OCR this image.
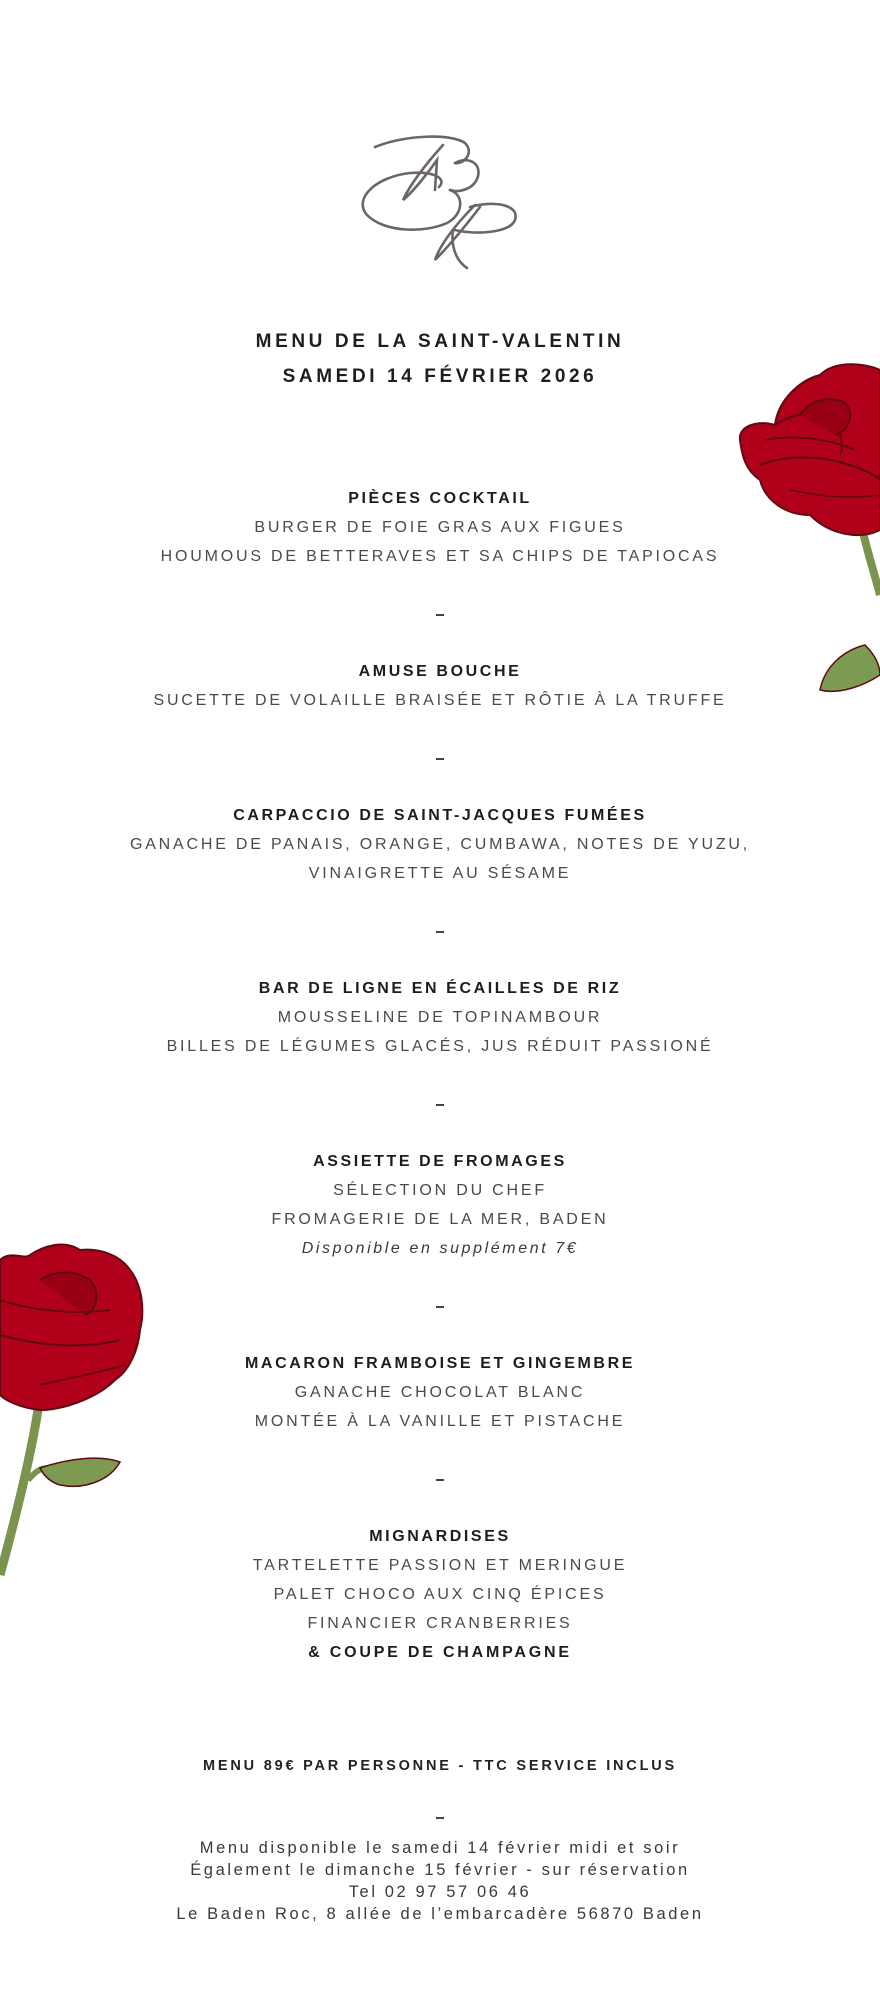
MENU DE LA SAINT-VALENTIN
SAMEDI 14 FÉVRIER 2026
PIÈCES COCKTAIL
BURGER DE FOIE GRAS AUX FIGUES
HOUMOUS DE BETTERAVES ET SA CHIPS DE TAPIOCAS
AMUSE BOUCHE
SUCETTE DE VOLAILLE BRAISÉE ET RÔTIE À LA TRUFFE
CARPACCIO DE SAINT-JACQUES FUMÉES
GANACHE DE PANAIS, ORANGE, CUMBAWA, NOTES DE YUZU,
VINAIGRETTE AU SÉSAME
BAR DE LIGNE EN ÉCAILLES DE RIZ
MOUSSELINE DE TOPINAMBOUR
BILLES DE LÉGUMES GLACÉS, JUS RÉDUIT PASSIONÉ
ASSIETTE DE FROMAGES
SÉLECTION DU CHEF
FROMAGERIE DE LA MER, BADEN
Disponible en supplément 7€
MACARON FRAMBOISE ET GINGEMBRE
GANACHE CHOCOLAT BLANC
MONTÉE À LA VANILLE ET PISTACHE
MIGNARDISES
TARTELETTE PASSION ET MERINGUE
PALET CHOCO AUX CINQ ÉPICES
FINANCIER CRANBERRIES
& COUPE DE CHAMPAGNE
MENU 89€ PAR PERSONNE - TTC SERVICE INCLUS
Menu disponible le samedi 14 février midi et soir
Également le dimanche 15 février - sur réservation
Tel 02 97 57 06 46
Le Baden Roc, 8 allée de l’embarcadère 56870 Baden
